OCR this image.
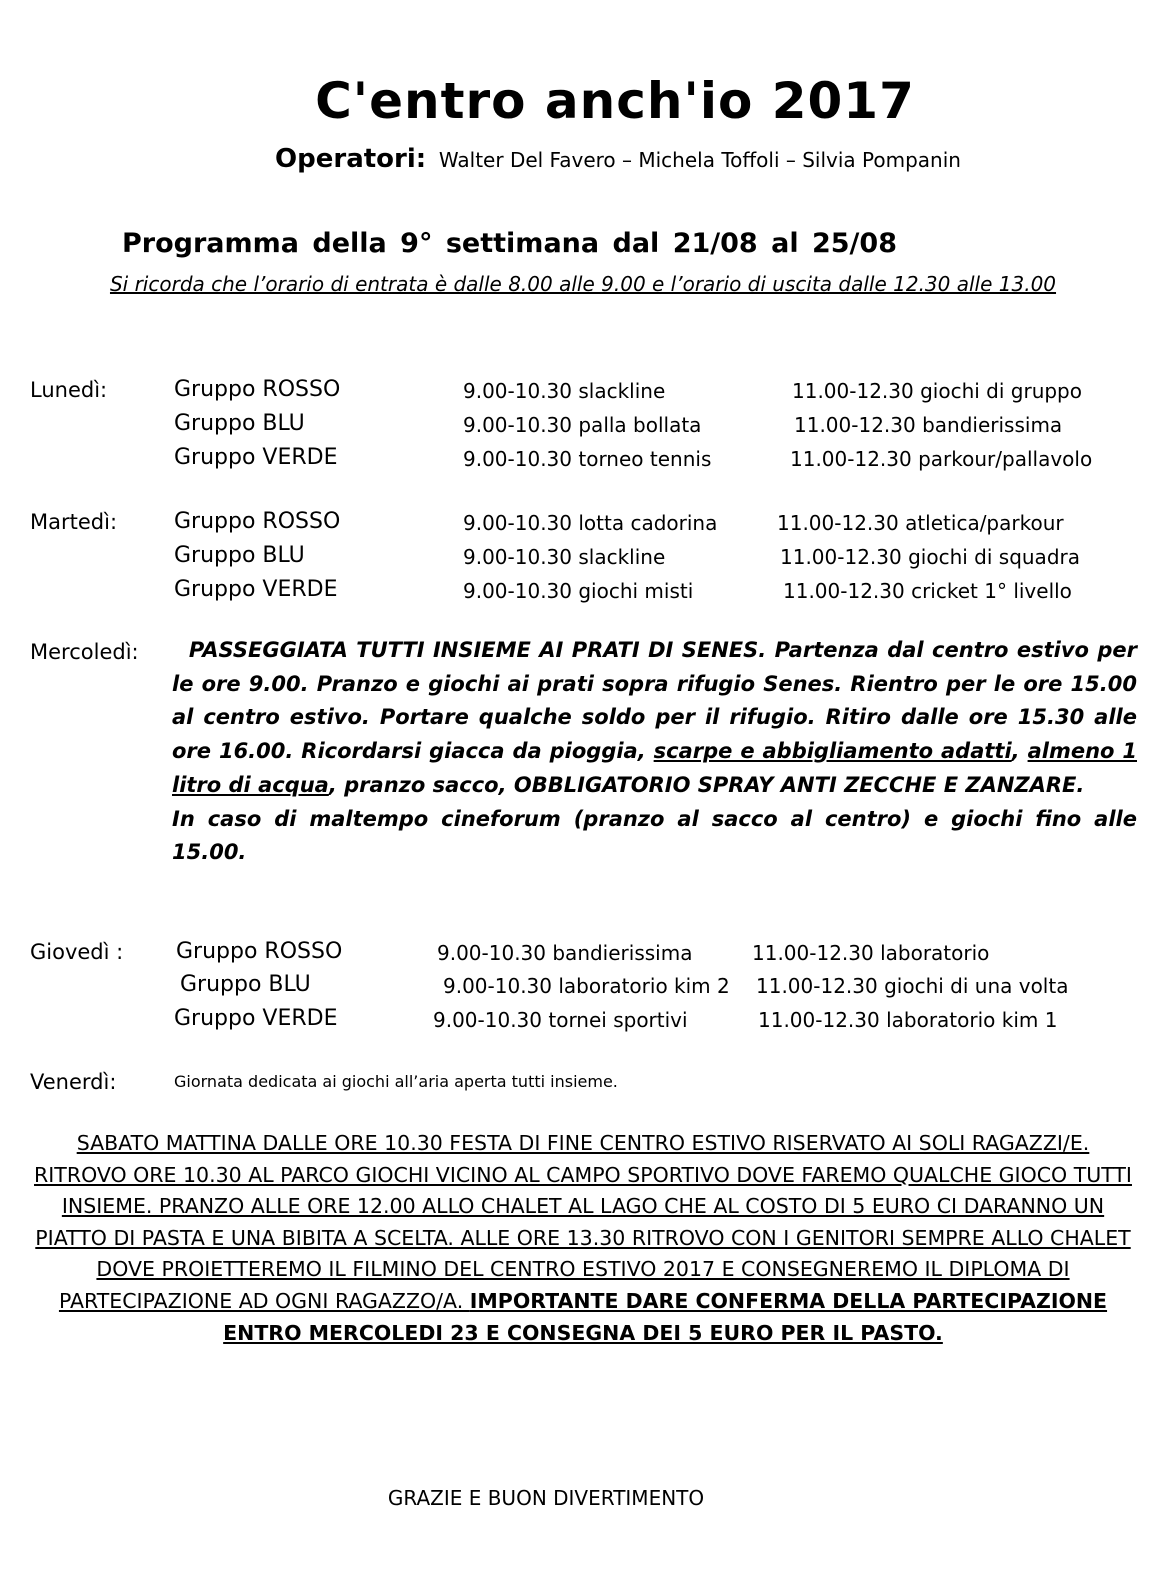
C'entro anch'io 2017
Operatori: Walter Del Favero – Michela Toffoli – Silvia Pompanin
Programma della 9° settimana dal 21/08 al 25/08
Si ricorda che l’orario di entrata è dalle 8.00 alle 9.00 e l’orario di uscita dalle 12.30 alle 13.00
Lunedì:	Gruppo ROSSO	9.00-10.30 slackline	11.00-12.30 giochi di gruppo
Gruppo BLU	9.00-10.30 palla bollata	11.00-12.30 bandierissima
Gruppo VERDE	9.00-10.30 torneo tennis	11.00-12.30 parkour/pallavolo
Martedì:	Gruppo ROSSO	9.00-10.30 lotta cadorina	11.00-12.30 atletica/parkour
Gruppo BLU	9.00-10.30 slackline	11.00-12.30 giochi di squadra
Gruppo VERDE	9.00-10.30 giochi misti	11.00-12.30 cricket 1° livello
Mercoledì:	PASSEGGIATA TUTTI INSIEME AI PRATI DI SENES. Partenza dal centro estivo per le ore 9.00. Pranzo e giochi ai prati sopra rifugio Senes. Rientro per le ore 15.00 al centro estivo. Portare qualche soldo per il rifugio. Ritiro dalle ore 15.30 alle ore 16.00. Ricordarsi giacca da pioggia, scarpe e abbigliamento adatti, almeno 1 litro di acqua, pranzo sacco, OBBLIGATORIO SPRAY ANTI ZECCHE E ZANZARE.

In caso di maltempo cineforum (pranzo al sacco al centro) e giochi fino alle 15.00.

Giovedì : Gruppo ROSSO	9.00-10.30 bandierissima	11.00-12.30 laboratorio
Gruppo BLU	9.00-10.30 laboratorio kim 2 11.00-12.30 giochi di una volta
Gruppo VERDE	9.00-10.30 tornei sportivi	11.00-12.30 laboratorio kim 1
Venerdì:	Giornata dedicata ai giochi all’aria aperta tutti insieme.
SABATO MATTINA DALLE ORE 10.30 FESTA DI FINE CENTRO ESTIVO RISERVATO AI SOLI RAGAZZI/E. RITROVO ORE 10.30 AL PARCO GIOCHI VICINO AL CAMPO SPORTIVO DOVE FAREMO QUALCHE GIOCO TUTTI INSIEME. PRANZO ALLE ORE 12.00 ALLO CHALET AL LAGO CHE AL COSTO DI 5 EURO CI DARANNO UN PIATTO DI PASTA E UNA BIBITA A SCELTA. ALLE ORE 13.30 RITROVO CON I GENITORI SEMPRE ALLO CHALET DOVE PROIETTEREMO IL FILMINO DEL CENTRO ESTIVO 2017 E CONSEGNEREMO IL DIPLOMA DI PARTECIPAZIONE AD OGNI RAGAZZO/A. IMPORTANTE DARE CONFERMA DELLA PARTECIPAZIONE ENTRO MERCOLEDI 23 E CONSEGNA DEI 5 EURO PER IL PASTO.
GRAZIE E BUON DIVERTIMENTO
